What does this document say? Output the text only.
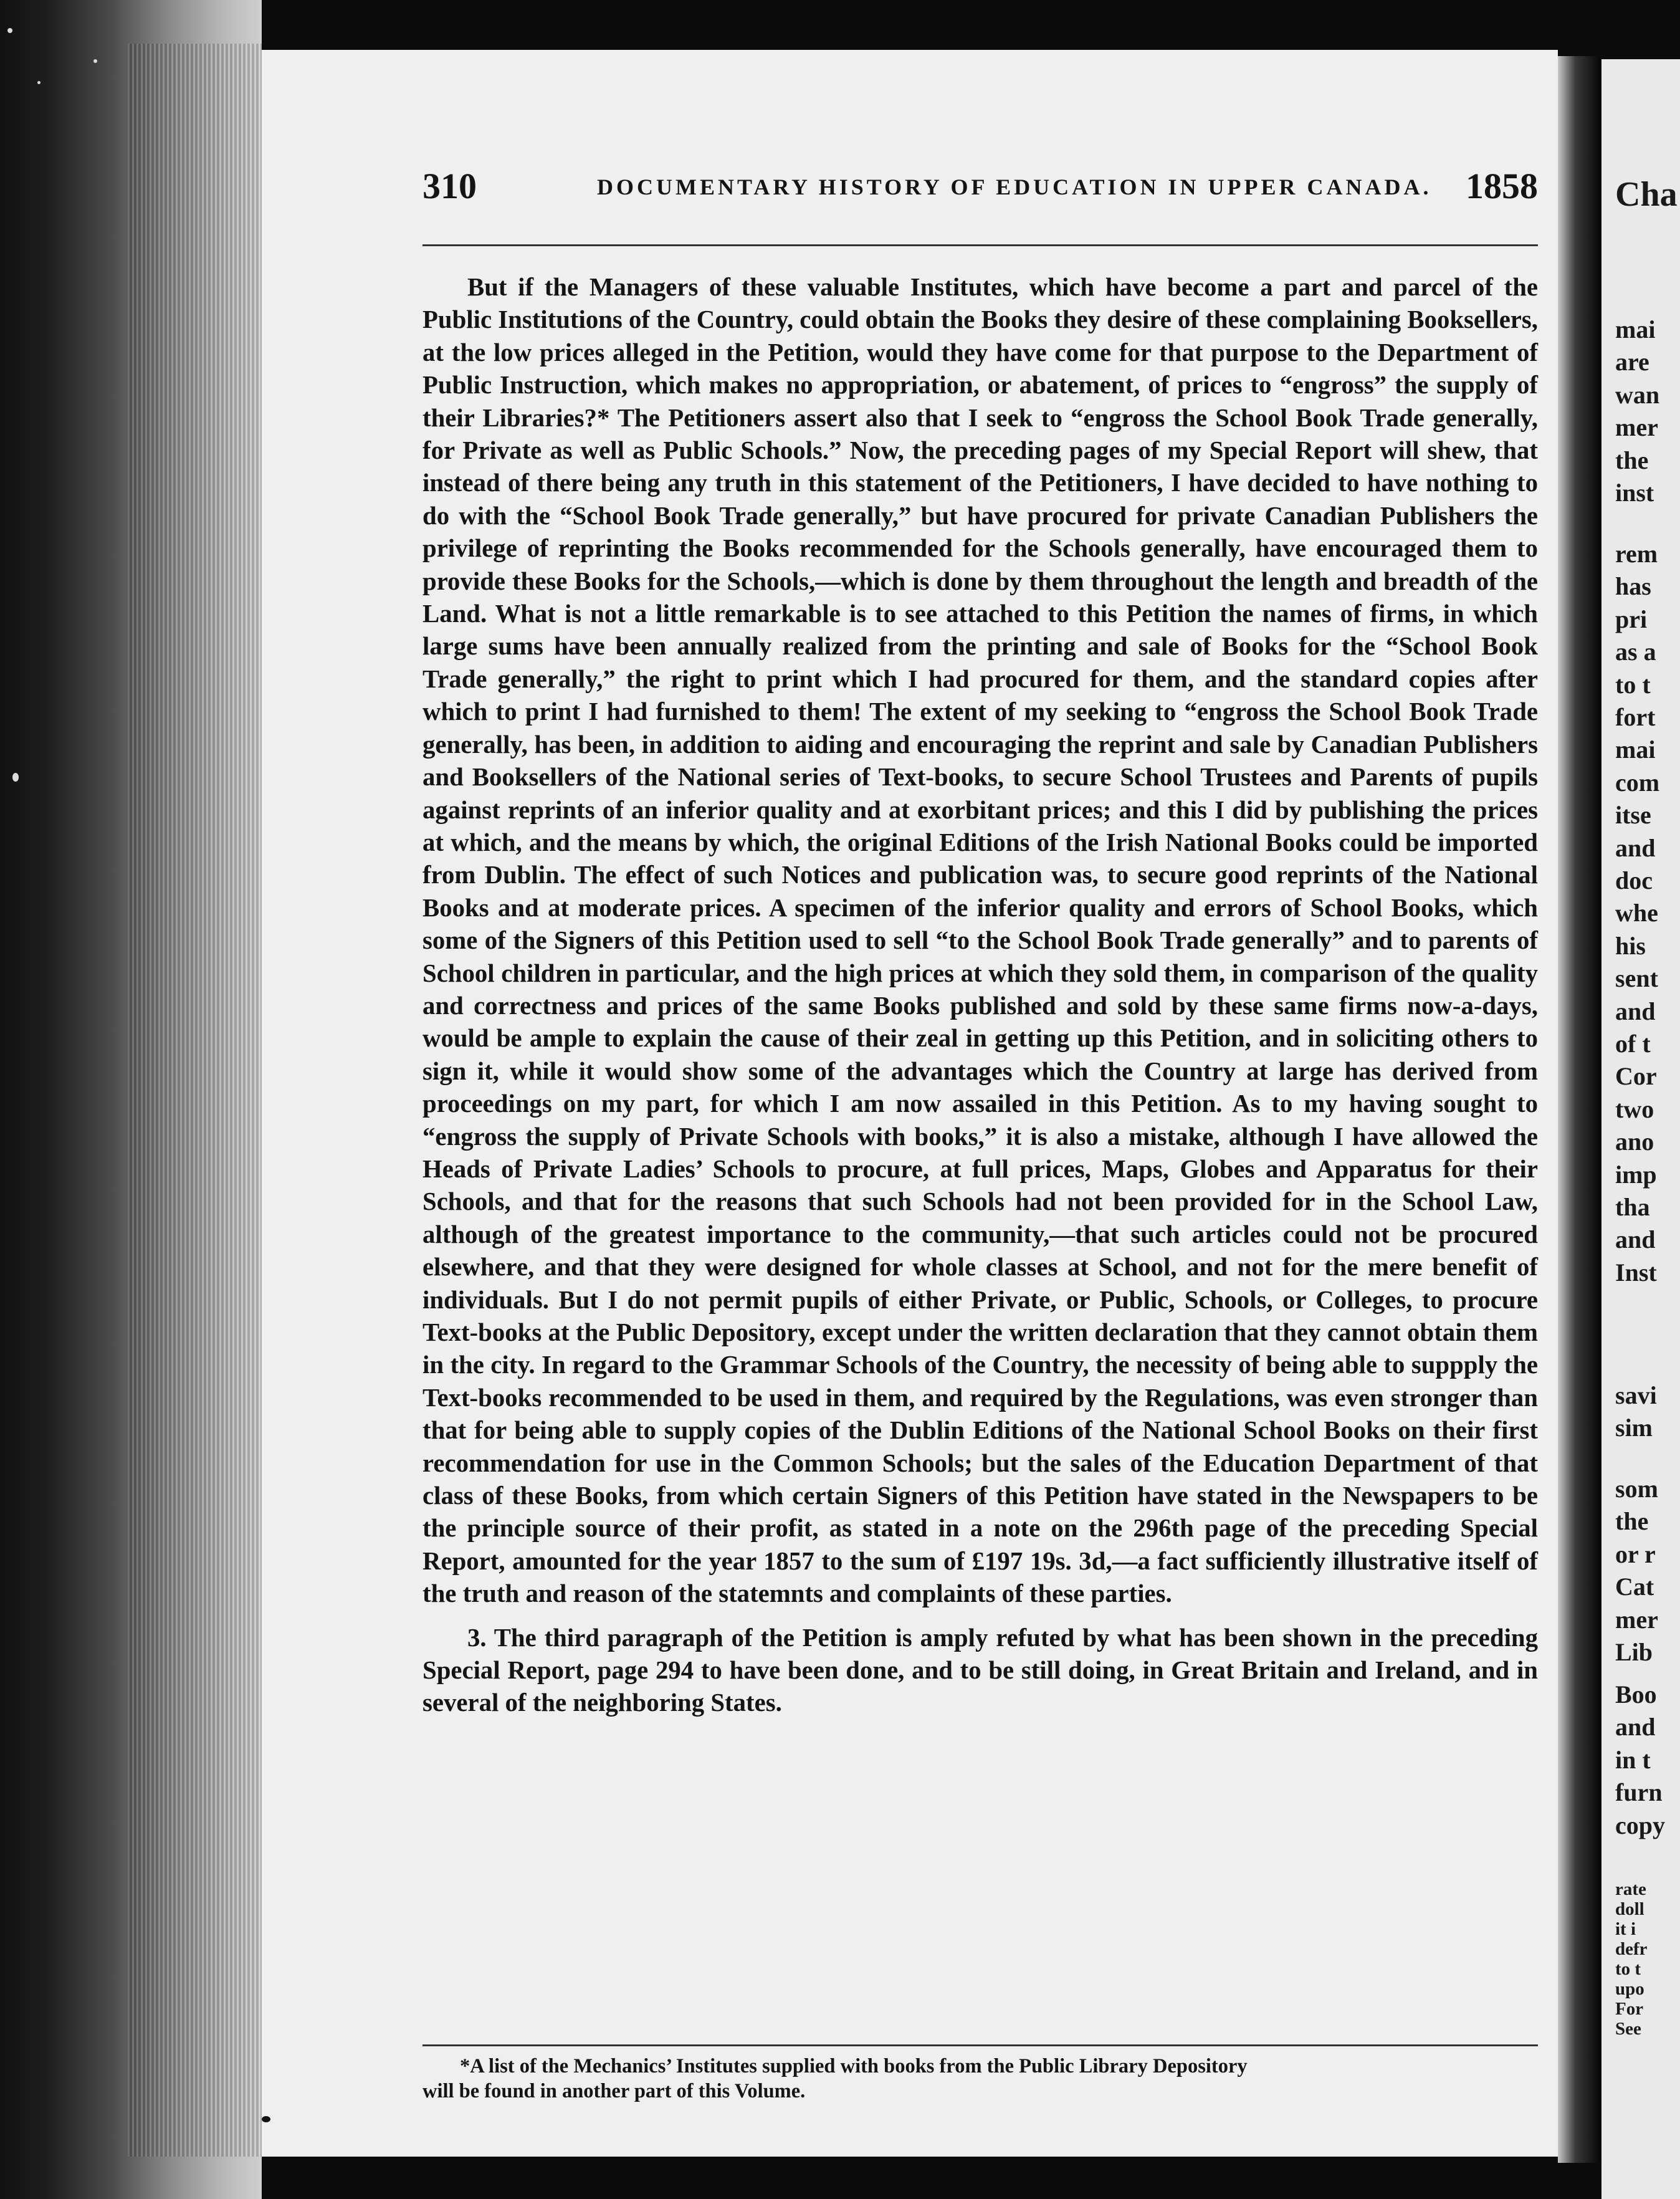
310	DOCUMENTARY HISTORY OF EDUCATION IN UPPER CANADA. 1858

But if the Managers of these valuable Institutes, which have become a part and parcel of the Public Institutions of the Country, could obtain the Books they desire of these complaining Booksellers, at the low prices alleged in the Petition, would they have come for that purpose to the Department of Public Instruction, which makes no appropriation, or abatement, of prices to “engross” the supply of their Libraries?* The Petitioners assert also that I seek to “engross the School Book Trade generally, for Private as well as Public Schools.” Now, the preceding pages of my Special Report will shew, that instead of there being any truth in this statement of the Petitioners, I have decided to have nothing to do with the “School Book Trade generally,” but have procured for private Canadian Publishers the privilege of reprinting the Books recommended for the Schools generally, have encouraged them to provide these Books for the Schools,—which is done by them throughout the length and breadth of the Land. What is not a little remarkable is to see attached to this Petition the names of firms, in which large sums have been annually realized from the printing and sale of Books for the “School Book Trade generally,” the right to print which I had procured for them, and the standard copies after which to print I had furnished to them! The extent of my seeking to “engross the School Book Trade generally, has been, in addition to aiding and encouraging the reprint and sale by Canadian Publishers and Booksellers of the National series of Text-books, to secure School Trustees and Parents of pupils against reprints of an inferior quality and at exorbitant prices; and this I did by publishing the prices at which, and the means by which, the original Editions of the Irish National Books could be imported from Dublin. The effect of such Notices and publication was, to secure good reprints of the National Books and at moderate prices. A specimen of the inferior quality and errors of School Books, which some of the Signers of this Petition used to sell “to the School Book Trade generally” and to parents of School children in particular, and the high prices at which they sold them, in comparison of the quality and correctness and prices of the same Books published and sold by these same firms now-a-days, would be ample to explain the cause of their zeal in getting up this Petition, and in soliciting others to sign it, while it would show some of the advantages which the Country at large has derived from proceedings on my part, for which I am now assailed in this Petition. As to my having sought to “engross the supply of Private Schools with books,” it is also a mistake, although I have allowed the Heads of Private Ladies’ Schools to procure, at full prices, Maps, Globes and Apparatus for their Schools, and that for the reasons that such Schools had not been provided for in the School Law, although of the greatest importance to the community,—that such articles could not be procured elsewhere, and that they were designed for whole classes at School, and not for the mere benefit of individuals. But I do not permit pupils of either Private, or Public, Schools, or Colleges, to procure Text-books at the Public Depository, except under the written declaration that they cannot obtain them in the city. In regard to the Grammar Schools of the Country, the necessity of being able to suppply the Text-books recommended to be used in them, and required by the Regulations, was even stronger than that for being able to supply copies of the Dublin Editions of the National School Books on their first recommendation for use in the Common Schools; but the sales of the Education Department of that class of these Books, from which certain Signers of this Petition have stated in the Newspapers to be the principle source of their profit, as stated in a note on the 296th page of the preceding Special Report, amounted for the year 1857 to the sum of £197 19s. 3d,—a fact sufficiently illustrative itself of the truth and reason of the statemnts and complaints of these parties.

3. The third paragraph of the Petition is amply refuted by what has been shown in the preceding Special Report, page 294 to have been done, and to be still doing, in Great Britain and Ireland, and in several of the neighboring States.

*A list of the Mechanics’ Institutes supplied with books from the Public Library Depository
will be found in another part of this Volume.
Cha
mai
are
wan
mer
the
inst
rem
has
pri
as a
to t
fort
mai
com
itse
and
doc
whe
his
sent
and
of t
Cor
two
ano
imp
tha
and
Inst
savi
sim
som
the
or r
Cat
mer
Lib
Boo
and
in t
furn
copy
rate
doll
it i
defr
to t
upo
For
See
